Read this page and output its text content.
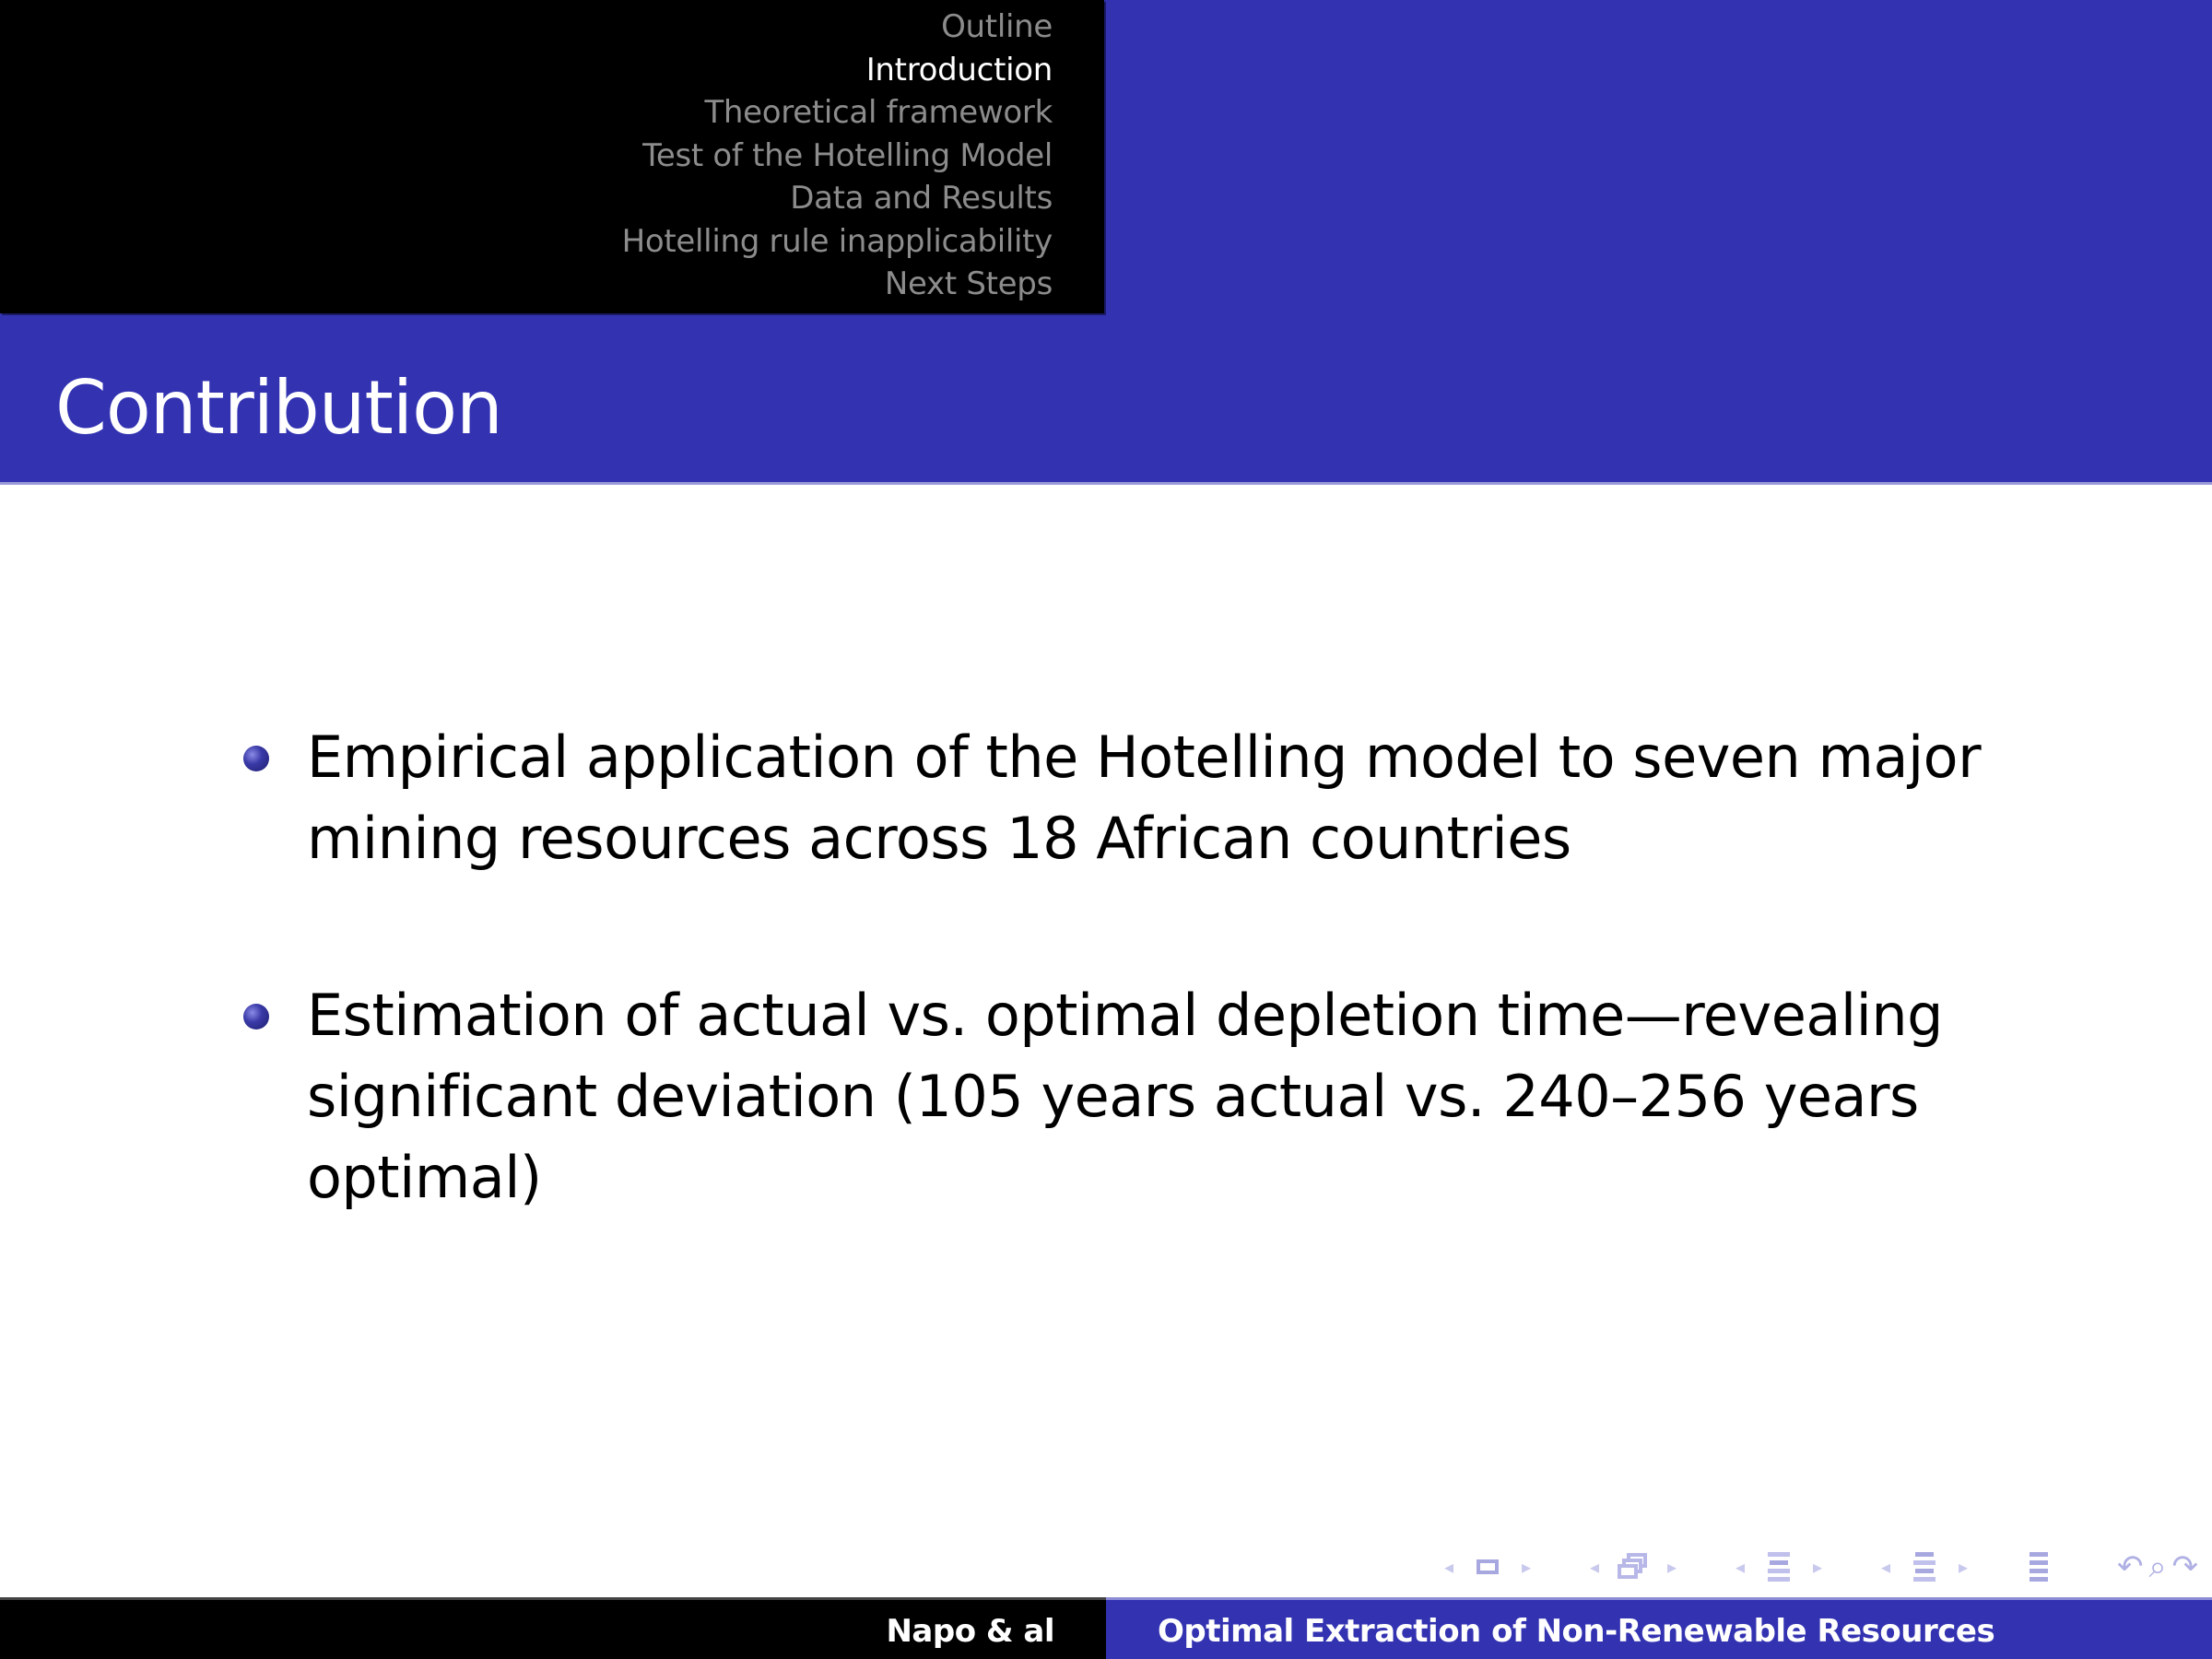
Outline
Introduction
Theoretical framework
Test of the Hotelling Model
Data and Results
Hotelling rule inapplicability
Next Steps
Contribution
Empirical application of the Hotelling model to seven major mining resources across 18 African countries
Estimation of actual vs. optimal depletion time—revealing significant deviation (105 years actual vs. 240–256 years optimal)
◂	▸	◂	▸	◂	▸	◂	▸	↶ ⌕ ↷
Napo & al	Optimal Extraction of Non-Renewable Resources
